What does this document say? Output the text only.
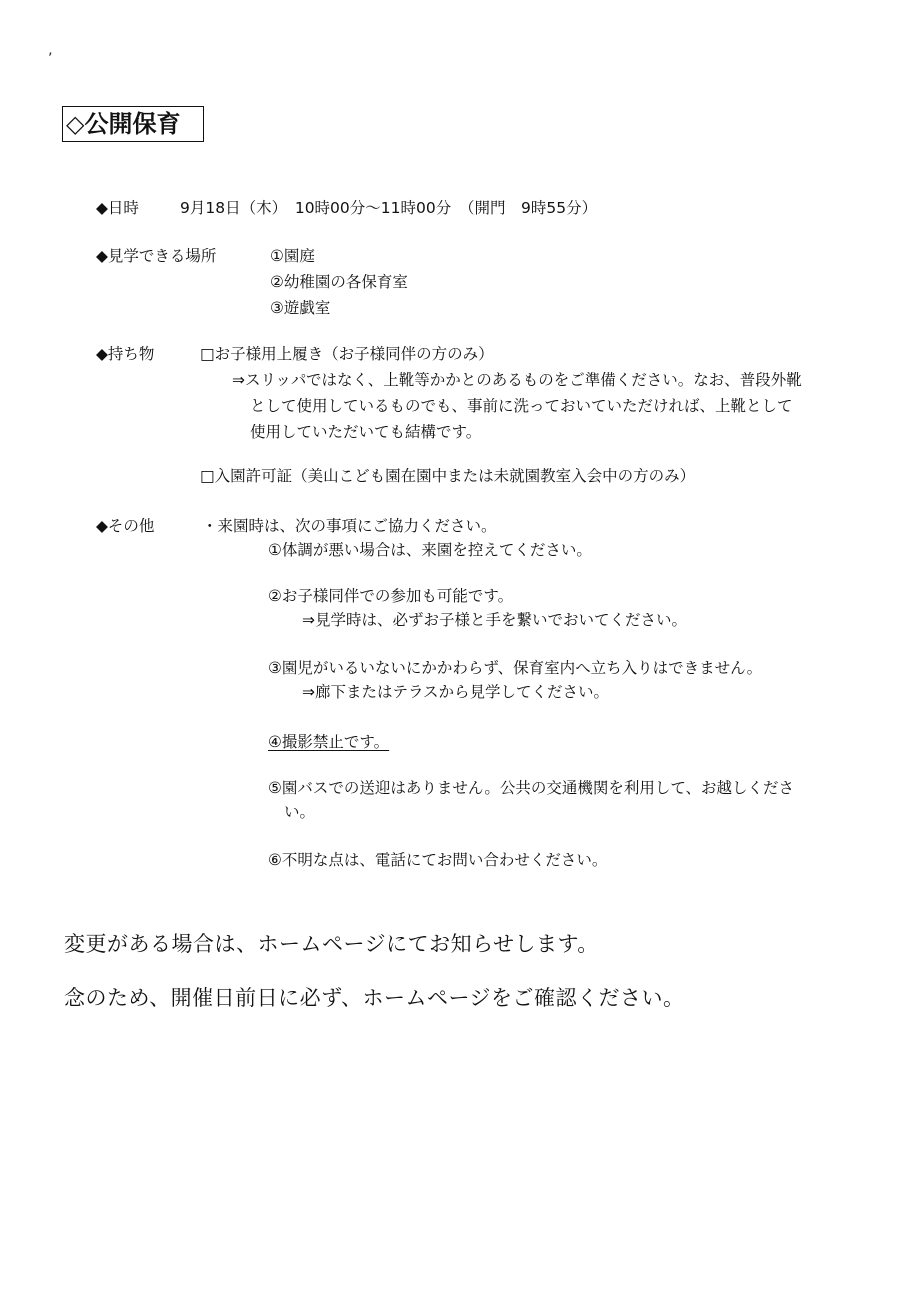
’
◇公開保育
◆日時	9月18日（木）　10時00分～11時00分　（開門　9時55分）
◆見学できる場所	①園庭
②幼稚園の各保育室
③遊戯室
◆持ち物	□お子様用上履き（お子様同伴の方のみ）
⇒スリッパではなく、上靴等かかとのあるものをご準備ください。なお、普段外靴
として使用しているものでも、事前に洗っておいていただければ、上靴として
使用していただいても結構です。
□入園許可証（美山こども園在園中または未就園教室入会中の方のみ）
◆その他	・来園時は、次の事項にご協力ください。
①体調が悪い場合は、来園を控えてください。
②お子様同伴での参加も可能です。
⇒見学時は、必ずお子様と手を繋いでおいてください。
③園児がいるいないにかかわらず、保育室内へ立ち入りはできません。
⇒廊下またはテラスから見学してください。
④撮影禁止です。
⑤園バスでの送迎はありません。公共の交通機関を利用して、お越しくださ
い。
⑥不明な点は、電話にてお問い合わせください。
変更がある場合は、ホームページにてお知らせします。
念のため、開催日前日に必ず、ホームページをご確認ください。
